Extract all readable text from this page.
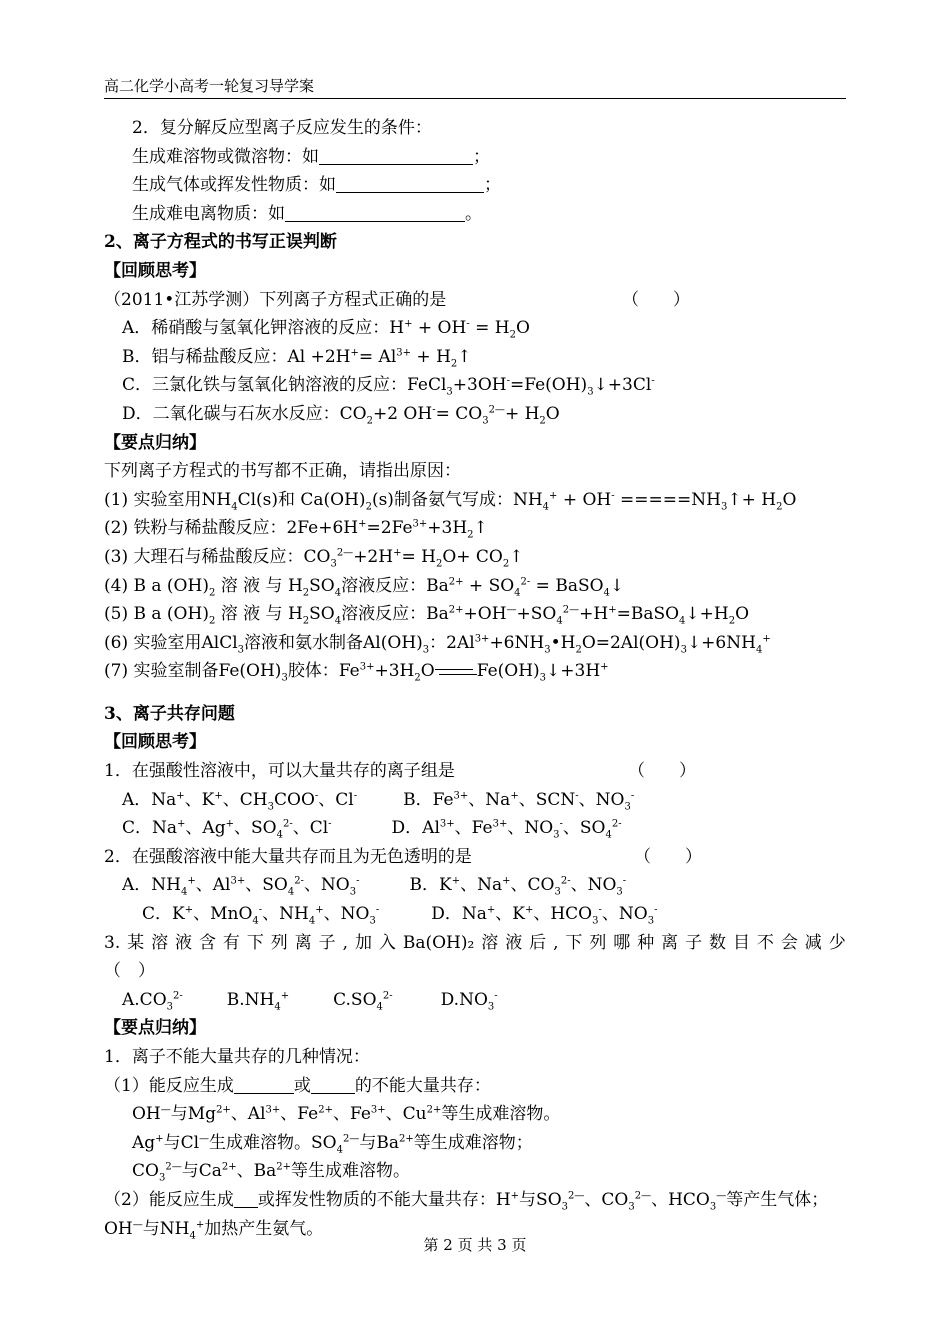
高二化学小高考一轮复习导学案
2．复分解反应型离子反应发生的条件：
生成难溶物或微溶物：如	；
生成气体或挥发性物质：如	；
生成难电离物质：如	。
2、离子方程式的书写正误判断
【回顾思考】
（2011•江苏学测）下列离子方程式正确的是	（　　）
A．稀硝酸与氢氧化钾溶液的反应：$H^+ + OH^- = H_2O$
B．铝与稀盐酸反应：$Al +2H^+= Al^{3+}$ + $H_2↑$
C．三氯化铁与氢氧化钠溶液的反应：$FeCl_3+3OH^-=Fe(OH)_3↓+3Cl^-$
D．二氧化碳与石灰水反应：$CO_2+2$ $OH^-= CO_3^{2—}+ H_2O$
【要点归纳】
下列离子方程式的书写都不正确，请指出原因：
(1) 实验室用$NH_4Cl(s)$和 $Ca(OH)_2(s)$制备氨气写成：$NH_4^+ + OH^-$ $=====NH_3↑+ H_2O$
(2) 铁粉与稀盐酸反应：$2Fe+6H^+=2Fe^{3+}+3H_2↑$
(3) 大理石与稀盐酸反应：$CO_3^{2—}+2H^+= H_2O+$ $CO_2↑$
(4) B a $(OH)_2$ 溶 液 与 $H_2SO_4$溶液反应：$Ba^{2+} + SO_4^{2-}$ = BaSO$_4$↓
(5) B a $(OH)_2$ 溶 液 与 $H_2SO_4$溶液反应：$Ba^{2+}+OH^—+SO_4^{2—}+H^+=BaSO_4↓+H_2O$
(6) 实验室用AlCl$_3$溶液和氨水制备$Al(OH)_3$：$2Al^{3+}+6NH_3•H_2O=2Al(OH)_3↓+6NH_4^+$
(7) 实验室制备$Fe(OH)_3$胶体：$Fe^{3+}+3H_2O$ $Fe(OH)_3↓+3H^+$
3、离子共存问题
【回顾思考】
1．在强酸性溶液中，可以大量共存的离子组是	（　　）
A．Na+、K+、$CH_3COO^-$、Cl-	B．$Fe^{3+}$、Na+、SCN-、$NO_3^-$
C．Na+、Ag+、$SO_4^{2-}$、Cl-	D．$Al^{3+}$、$Fe^{3+}$、$NO_3^-$、$SO_4^{2-}$
2．在强酸溶液中能大量共存而且为无色透明的是	（　　）
A．$NH_4^+$、$Al^{3+}$、$SO_4^{2-}$、$NO_3^-$	B．K+、Na+、$CO_3^{2-}$、$NO_3^-$
C．K+、MnO$_4$-、$NH_4^+$、$NO_3^-$	D．Na+、K+、$HCO_3^-$、$NO_3^-$
3. 某 溶 液 含 有 下 列 离 子 , 加 入 Ba(OH)₂ 溶 液 后 , 下 列 哪 种 离 子 数 目 不 会 减 少
（　）
$A.CO_3^{2-}$	$B.NH_4^+$	$C.SO_4^{2-}$	$D.NO_3^-$
【要点归纳】
1．离子不能大量共存的几种情况：
（1）能反应生成	或	的不能大量共存：
OH—与$Mg^{2+}$、$Al^{3+}$、$Fe^{2+}$、$Fe^{3+}$、$Cu^{2+}$等生成难溶物。
Ag+与Cl—生成难溶物。$SO_4^{2—}$与$Ba^{2+}$等生成难溶物；
$CO_3^{2—}$与$Ca^{2+}$、$Ba^{2+}$等生成难溶物。
（2）能反应生成 或挥发性物质的不能大量共存：H+与$SO_3^{2—}$、$CO_3^{2—}$、$HCO_3^—$等产生气体；
OH—与$NH_4^+$加热产生氨气。
第 2 页 共 3 页
